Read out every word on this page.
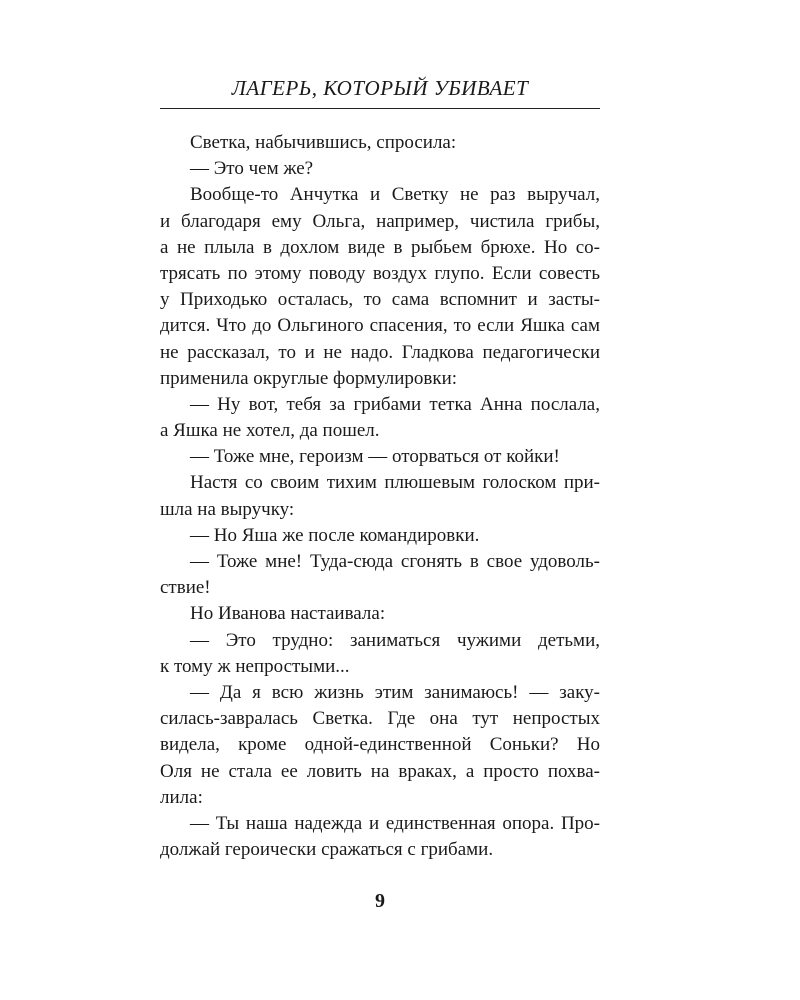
ЛАГЕРЬ, КОТОРЫЙ УБИВАЕТ
Светка, набычившись, спросила:
— Это чем же?
Вообще-то Анчутка и Светку не раз выручал,
и благодаря ему Ольга, например, чистила грибы,
а не плыла в дохлом виде в рыбьем брюхе. Но со-
трясать по этому поводу воздух глупо. Если совесть
у Приходько осталась, то сама вспомнит и засты-
дится. Что до Ольгиного спасения, то если Яшка сам
не рассказал, то и не надо. Гладкова педагогически
применила округлые формулировки:
— Ну вот, тебя за грибами тетка Анна послала,
а Яшка не хотел, да пошел.
— Тоже мне, героизм — оторваться от койки!
Настя со своим тихим плюшевым голоском при-
шла на выручку:
— Но Яша же после командировки.
— Тоже мне! Туда-сюда сгонять в свое удоволь-
ствие!
Но Иванова настаивала:
— Это трудно: заниматься чужими детьми,
к тому ж непростыми...
— Да я всю жизнь этим занимаюсь! — заку-
силась-завралась Светка. Где она тут непростых
видела, кроме одной-единственной Соньки? Но
Оля не стала ее ловить на враках, а просто похва-
лила:
— Ты наша надежда и единственная опора. Про-
должай героически сражаться с грибами.
9
